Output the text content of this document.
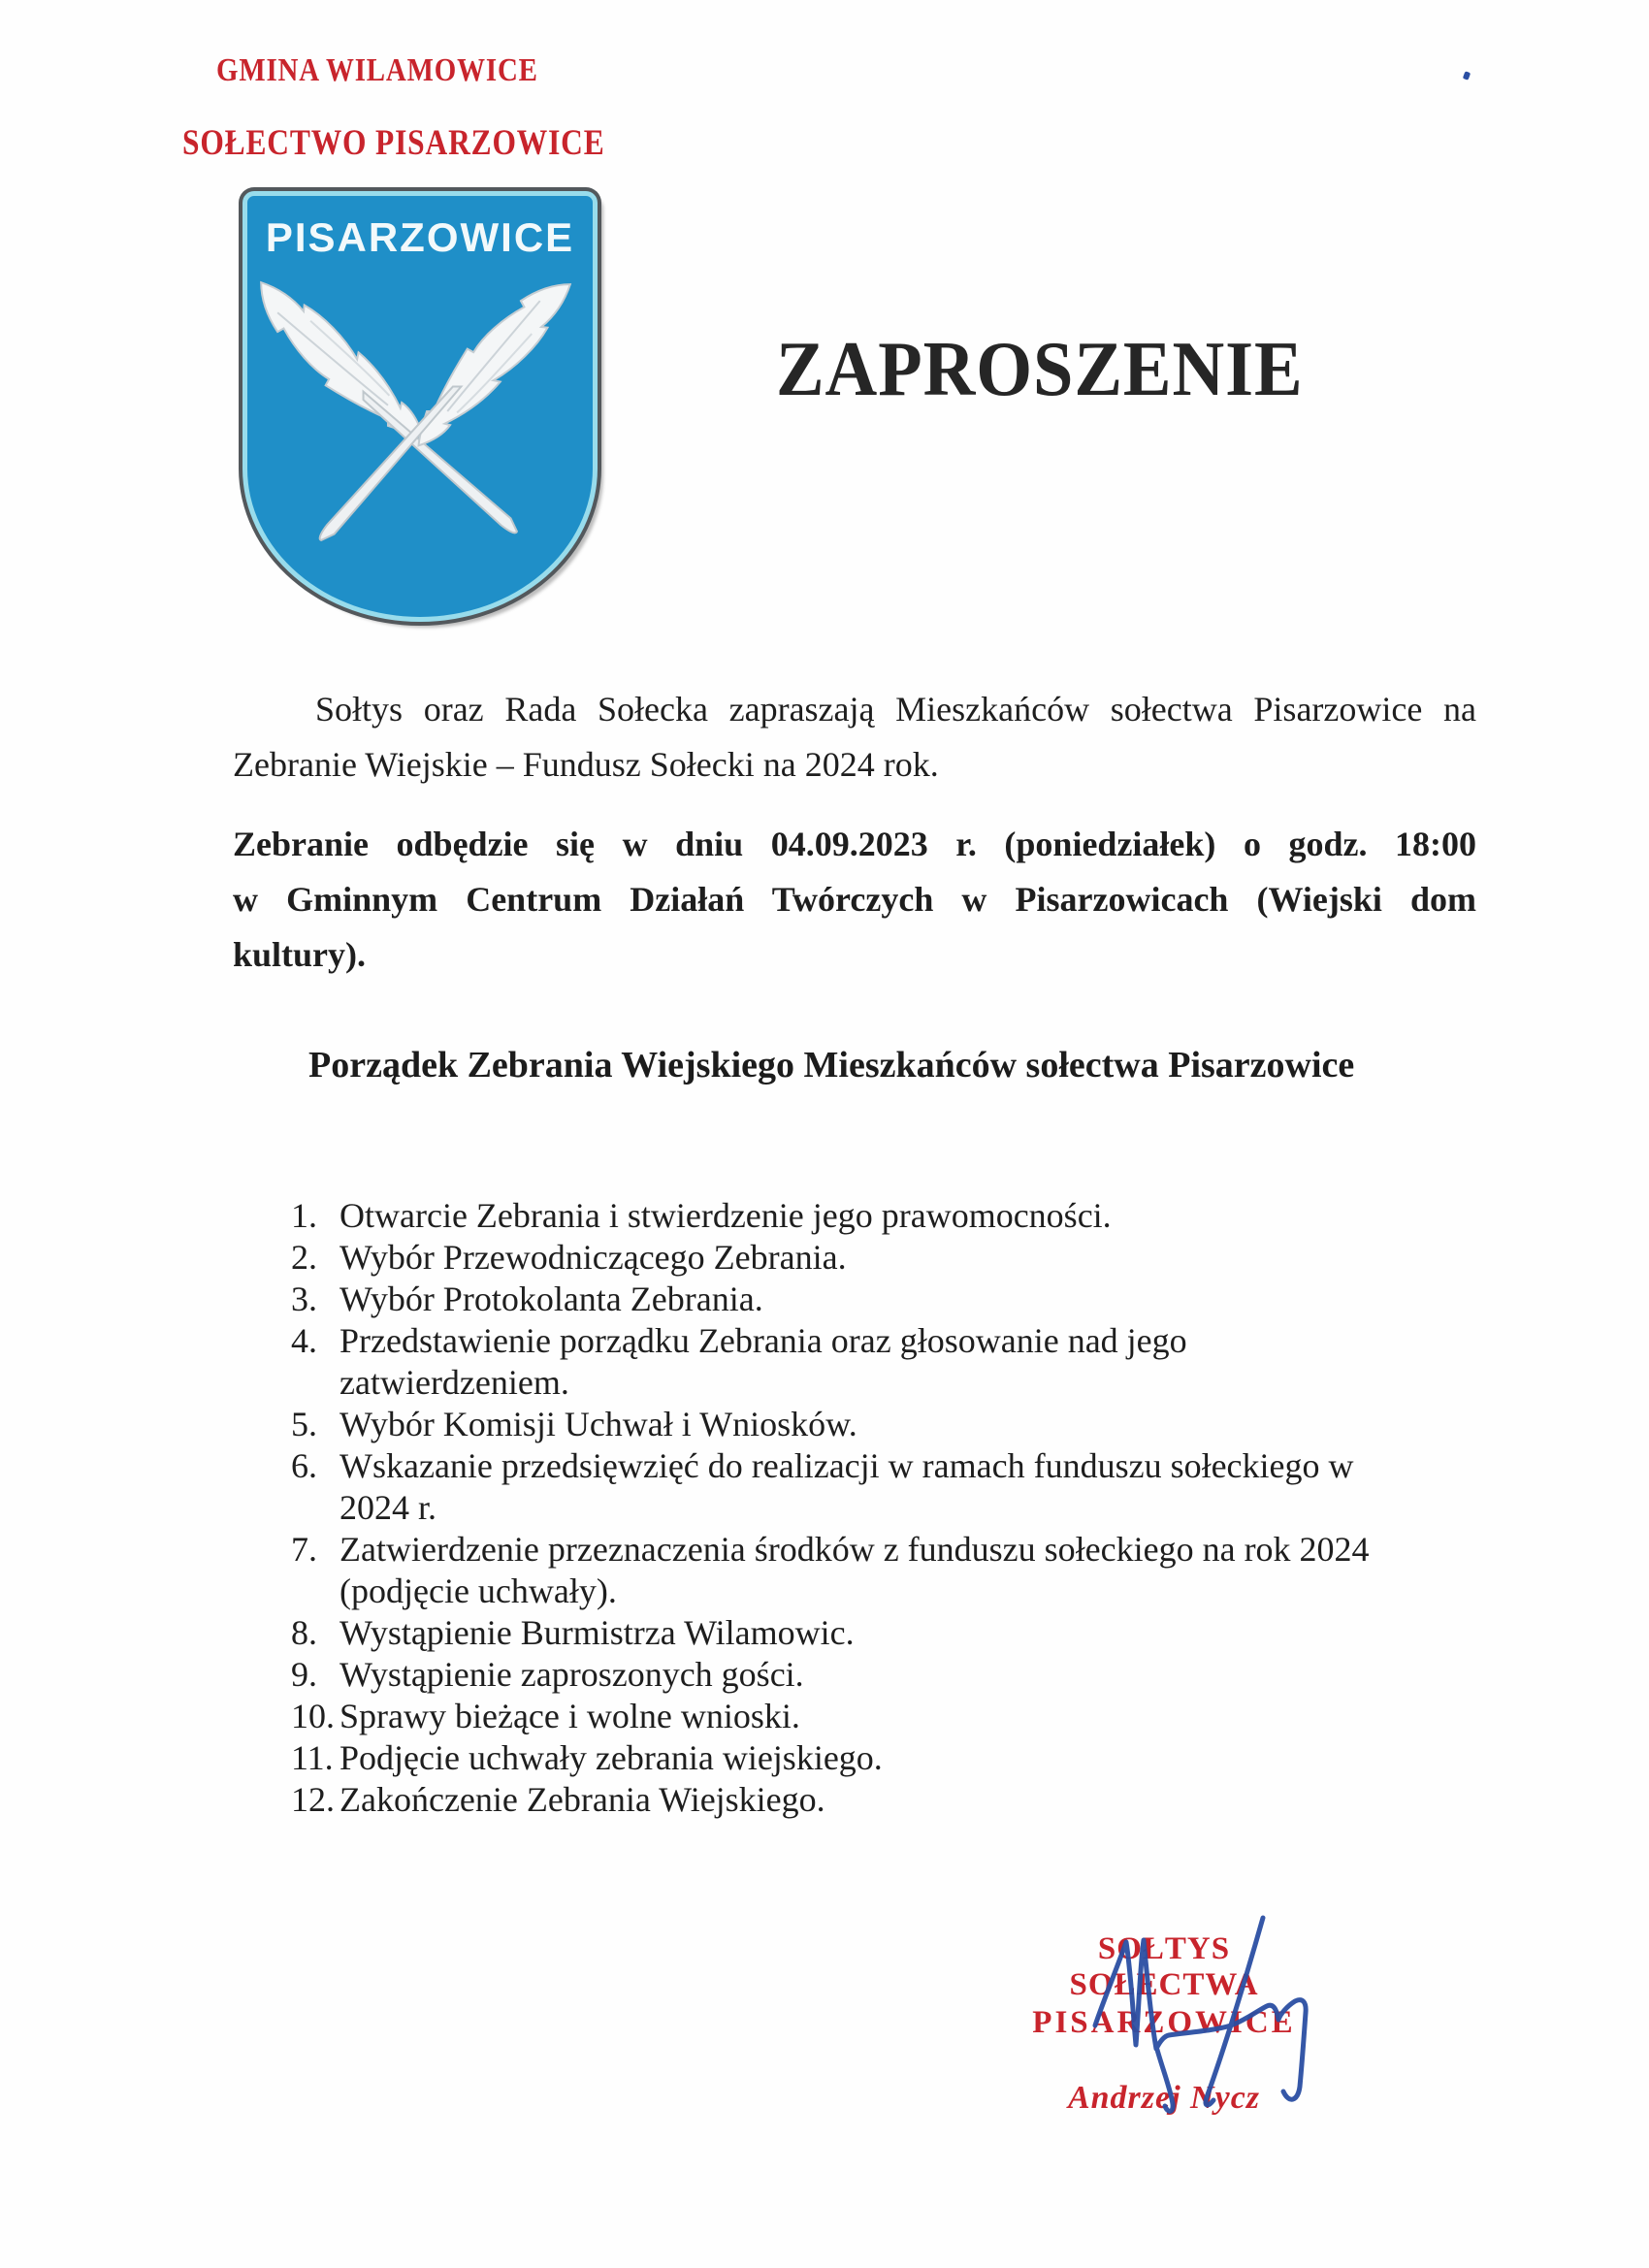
GMINA WILAMOWICE
SOŁECTWO PISARZOWICE
PISARZOWICE
ZAPROSZENIE
Sołtys oraz Rada Sołecka zapraszają Mieszkańców sołectwa Pisarzowice na
Zebranie Wiejskie – Fundusz Sołecki na 2024 rok.
Zebranie odbędzie się w dniu 04.09.2023 r. (poniedziałek) o godz. 18:00
w Gminnym Centrum Działań Twórczych w Pisarzowicach (Wiejski dom
kultury).
Porządek Zebrania Wiejskiego Mieszkańców sołectwa Pisarzowice
1. Otwarcie Zebrania i stwierdzenie jego prawomocności.
2. Wybór Przewodniczącego Zebrania.
3. Wybór Protokolanta Zebrania.
4. Przedstawienie porządku Zebrania oraz głosowanie nad jego
zatwierdzeniem.
5. Wybór Komisji Uchwał i Wniosków.
6. Wskazanie przedsięwzięć do realizacji w ramach funduszu sołeckiego w
2024 r.
7. Zatwierdzenie przeznaczenia środków z funduszu sołeckiego na rok 2024
(podjęcie uchwały).
8. Wystąpienie Burmistrza Wilamowic.
9. Wystąpienie zaproszonych gości.
10. Sprawy bieżące i wolne wnioski.
11. Podjęcie uchwały zebrania wiejskiego.
12. Zakończenie Zebrania Wiejskiego.
SOŁTYS SOŁECTWA
PISARZOWICE
Andrzej Nycz
